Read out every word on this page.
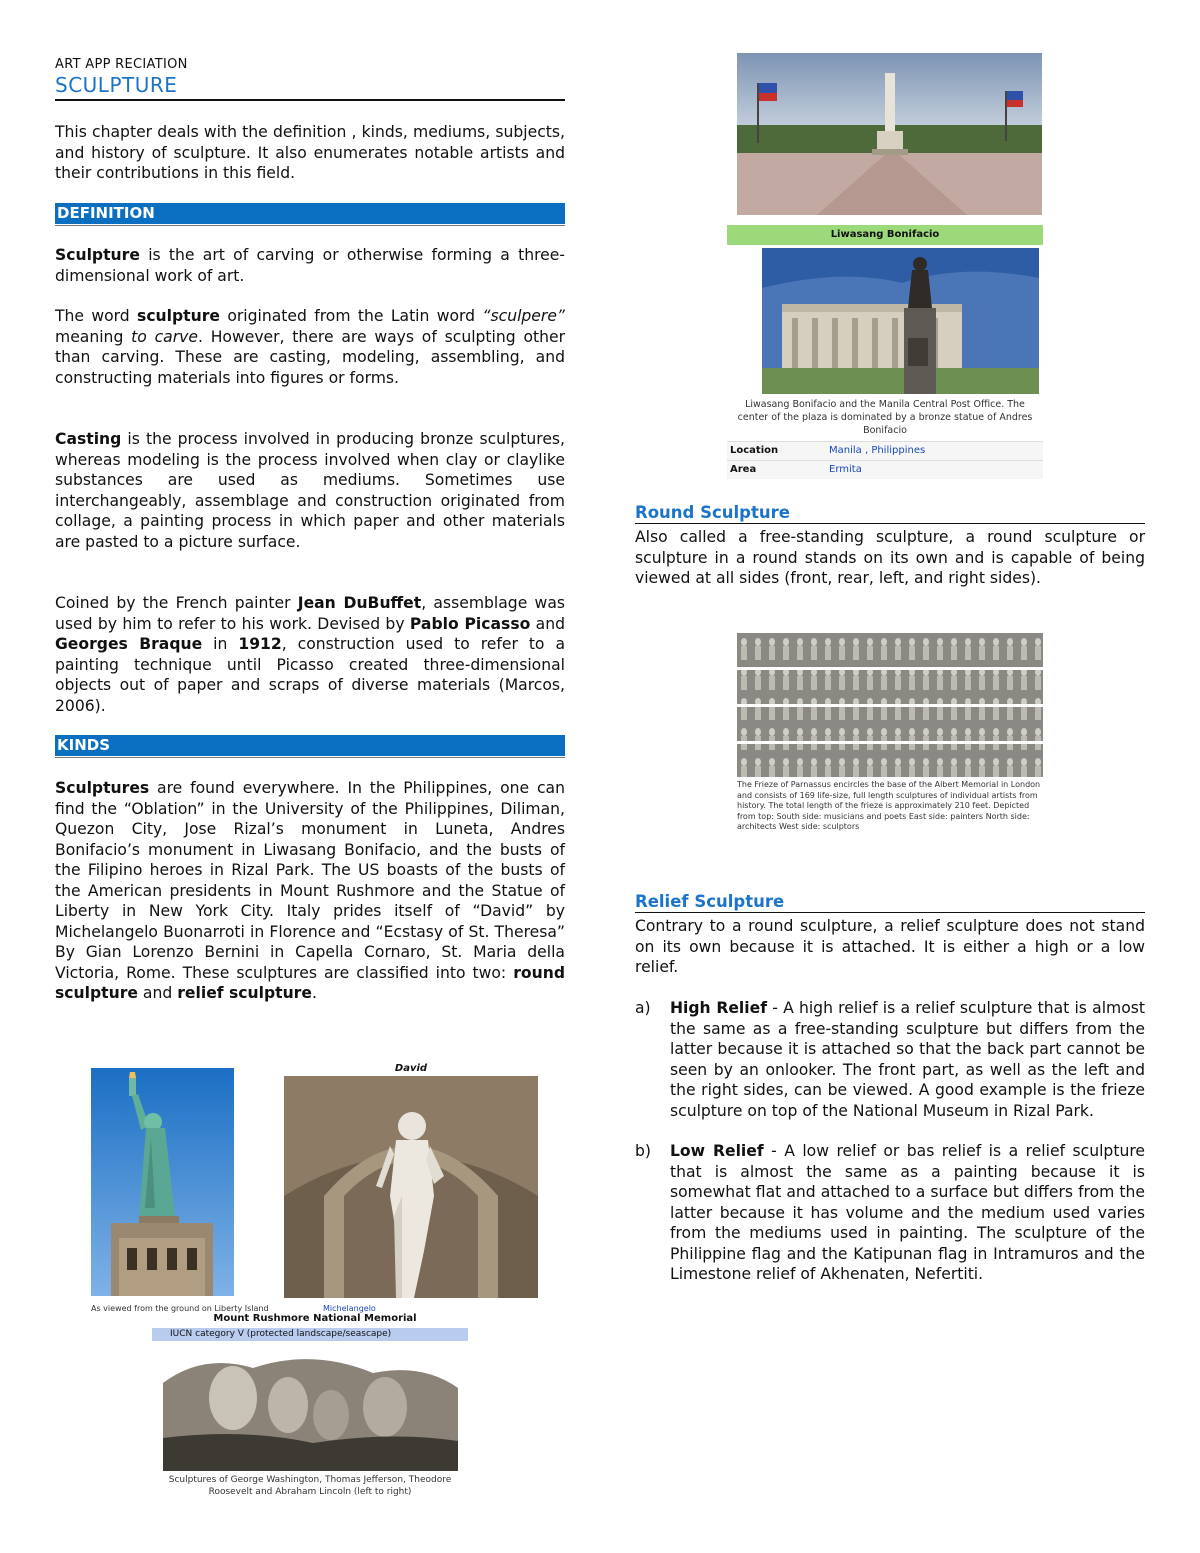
ART APP RECIATION
SCULPTURE

This chapter deals with the definition , kinds, mediums, subjects, and history of sculpture. It also enumerates notable artists and their contributions in this field.

DEFINITION

Sculpture is the art of carving or otherwise forming a three-dimensional work of art.

The word sculpture originated from the Latin word “sculpere” meaning to carve. However, there are ways of sculpting other than carving. These are casting, modeling, assembling, and constructing materials into figures or forms.

Casting is the process involved in producing bronze sculptures, whereas modeling is the process involved when clay or claylike substances are used as mediums. Sometimes use interchangeably, assemblage and construction originated from collage, a painting process in which paper and other materials are pasted to a picture surface.

Coined by the French painter Jean DuBuffet, assemblage was used by him to refer to his work. Devised by Pablo Picasso and Georges Braque in 1912, construction used to refer to a painting technique until Picasso created three-dimensional objects out of paper and scraps of diverse materials (Marcos, 2006).

KINDS

Sculptures are found everywhere. In the Philippines, one can find the “Oblation” in the University of the Philippines, Diliman, Quezon City, Jose Rizal’s monument in Luneta, Andres Bonifacio’s monument in Liwasang Bonifacio, and the busts of the Filipino heroes in Rizal Park. The US boasts of the busts of the American presidents in Mount Rushmore and the Statue of Liberty in New York City. Italy prides itself of “David” by Michelangelo Buonarroti in Florence and “Ecstasy of St. Theresa” By Gian Lorenzo Bernini in Capella Cornaro, St. Maria della Victoria, Rome. These sculptures are classified into two: round sculpture and relief sculpture.

As viewed from the ground on Liberty Island
David
Michelangelo
Mount Rushmore National Memorial
IUCN category V (protected landscape/seascape)
Sculptures of George Washington, Thomas Jefferson, Theodore Roosevelt and Abraham Lincoln (left to right)
Liwasang Bonifacio
Liwasang Bonifacio and the Manila Central Post Office. The center of the plaza is dominated by a bronze statue of Andres Bonifacio
Location	Manila , Philippines
Area	Ermita
Round Sculpture

Also called a free-standing sculpture, a round sculpture or sculpture in a round stands on its own and is capable of being viewed at all sides (front, rear, left, and right sides).

The Frieze of Parnassus encircles the base of the Albert Memorial in London and consists of 169 life-size, full length sculptures of individual artists from history. The total length of the frieze is approximately 210 feet. Depicted from top: South side: musicians and poets East side: painters North side: architects West side: sculptors
Relief Sculpture

Contrary to a round sculpture, a relief sculpture does not stand on its own because it is attached. It is either a high or a low relief.

a) High Relief - A high relief is a relief sculpture that is almost the same as a free-standing sculpture but differs from the latter because it is attached so that the back part cannot be seen by an onlooker. The front part, as well as the left and the right sides, can be viewed. A good example is the frieze sculpture on top of the National Museum in Rizal Park.
b) Low Relief - A low relief or bas relief is a relief sculpture that is almost the same as a painting because it is somewhat flat and attached to a surface but differs from the latter because it has volume and the medium used varies from the mediums used in painting. The sculpture of the Philippine flag and the Katipunan flag in Intramuros and the Limestone relief of Akhenaten, Nefertiti.
